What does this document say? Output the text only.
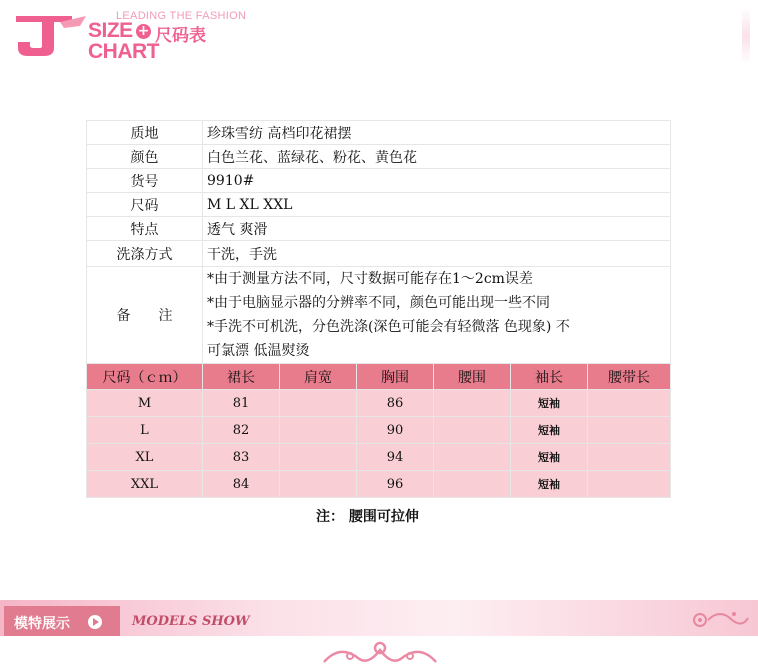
LEADING THE FASHION
SIZE +
CHART
尺码表
质地	珍珠雪纺 高档印花裙摆					
颜色	白色兰花、蓝绿花、粉花、黄色花					
货号	9910#					
尺码	M L XL XXL					
特点	透气 爽滑					
洗涤方式	干洗，手洗					
备　　注	*由于测量方法不同，尺寸数据可能存在1～2cm误差
*由于电脑显示器的分辨率不同，颜色可能出现一些不同
*手洗不可机洗，分色洗涤(深色可能会有轻微落 色现象) 不
可氯漂 低温熨烫					

尺码（ｃｍ）	裙长	肩宽	胸围	腰围	袖长	腰带长
M	81		86		短袖	
L	82		90		短袖	
XL	83		94		短袖	
XXL	84		96		短袖	
注： 腰围可拉伸
模特展示	MODELS SHOW
